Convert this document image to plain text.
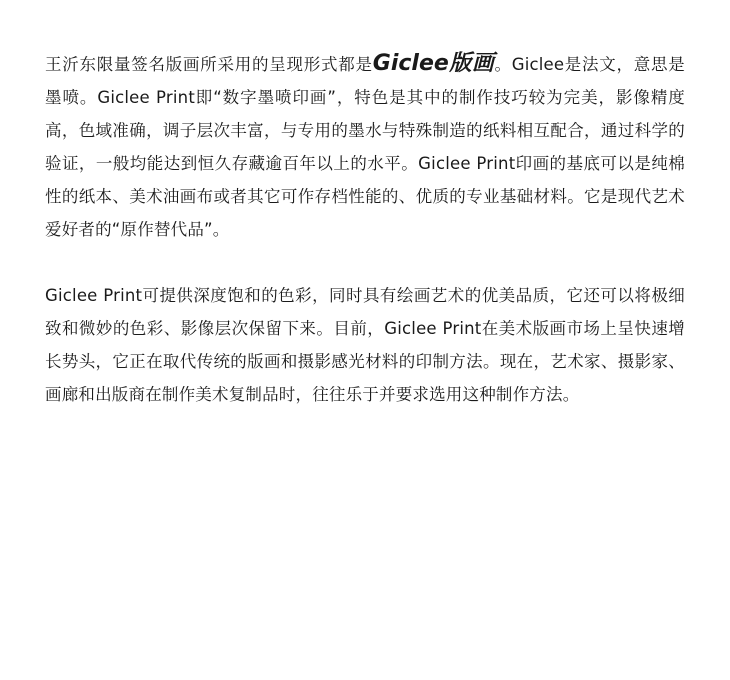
王沂东限量签名版画所采用的呈现形式都是Giclee版画。Giclee是法文，意思是墨喷。Giclee Print即“数字墨喷印画”，特色是其中的制作技巧较为完美，影像精度高，色域准确，调子层次丰富，与专用的墨水与特殊制造的纸料相互配合，通过科学的验证，一般均能达到恒久存藏逾百年以上的水平。Giclee Print印画的基底可以是纯棉性的纸本、美术油画布或者其它可作存档性能的、优质的专业基础材料。它是现代艺术爱好者的“原作替代品”。

Giclee Print可提供深度饱和的色彩，同时具有绘画艺术的优美品质，它还可以将极细致和微妙的色彩、影像层次保留下来。目前，Giclee Print在美术版画市场上呈快速增长势头，它正在取代传统的版画和摄影感光材料的印制方法。现在，艺术家、摄影家、画廊和出版商在制作美术复制品时，往往乐于并要求选用这种制作方法。
